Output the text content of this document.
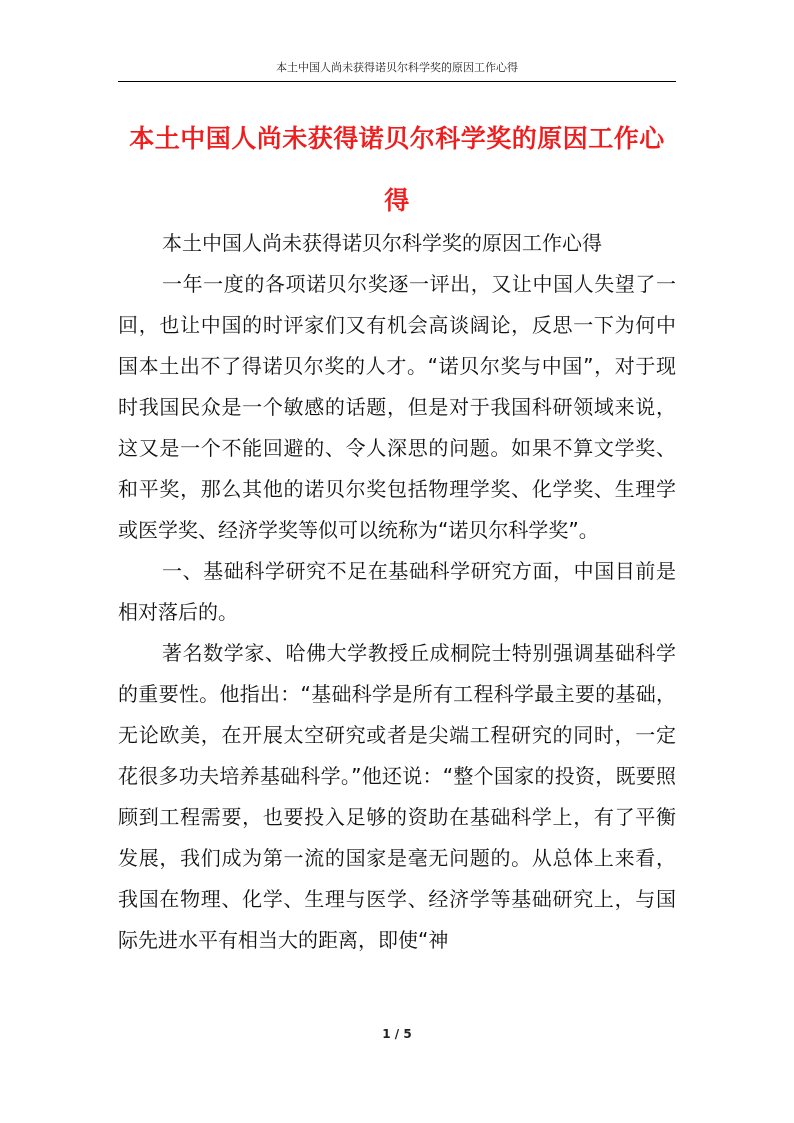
本土中国人尚未获得诺贝尔科学奖的原因工作心得
本土中国人尚未获得诺贝尔科学奖的原因工作心得

本土中国人尚未获得诺贝尔科学奖的原因工作心得

一年一度的各项诺贝尔奖逐一评出，又让中国人失望了一回，也让中国的时评家们又有机会高谈阔论，反思一下为何中国本土出不了得诺贝尔奖的人才。“诺贝尔奖与中国”，对于现时我国民众是一个敏感的话题，但是对于我国科研领域来说，这又是一个不能回避的、令人深思的问题。如果不算文学奖、和平奖，那么其他的诺贝尔奖包括物理学奖、化学奖、生理学或医学奖、经济学奖等似可以统称为“诺贝尔科学奖”。

一、基础科学研究不足在基础科学研究方面，中国目前是相对落后的。

著名数学家、哈佛大学教授丘成桐院士特别强调基础科学的重要性。他指出：“基础科学是所有工程科学最主要的基础，无论欧美，在开展太空研究或者是尖端工程研究的同时，一定花很多功夫培养基础科学。”他还说：“整个国家的投资，既要照顾到工程需要，也要投入足够的资助在基础科学上，有了平衡发展，我们成为第一流的国家是毫无问题的。从总体上来看，我国在物理、化学、生理与医学、经济学等基础研究上，与国际先进水平有相当大的距离，即使“神

1 / 5
